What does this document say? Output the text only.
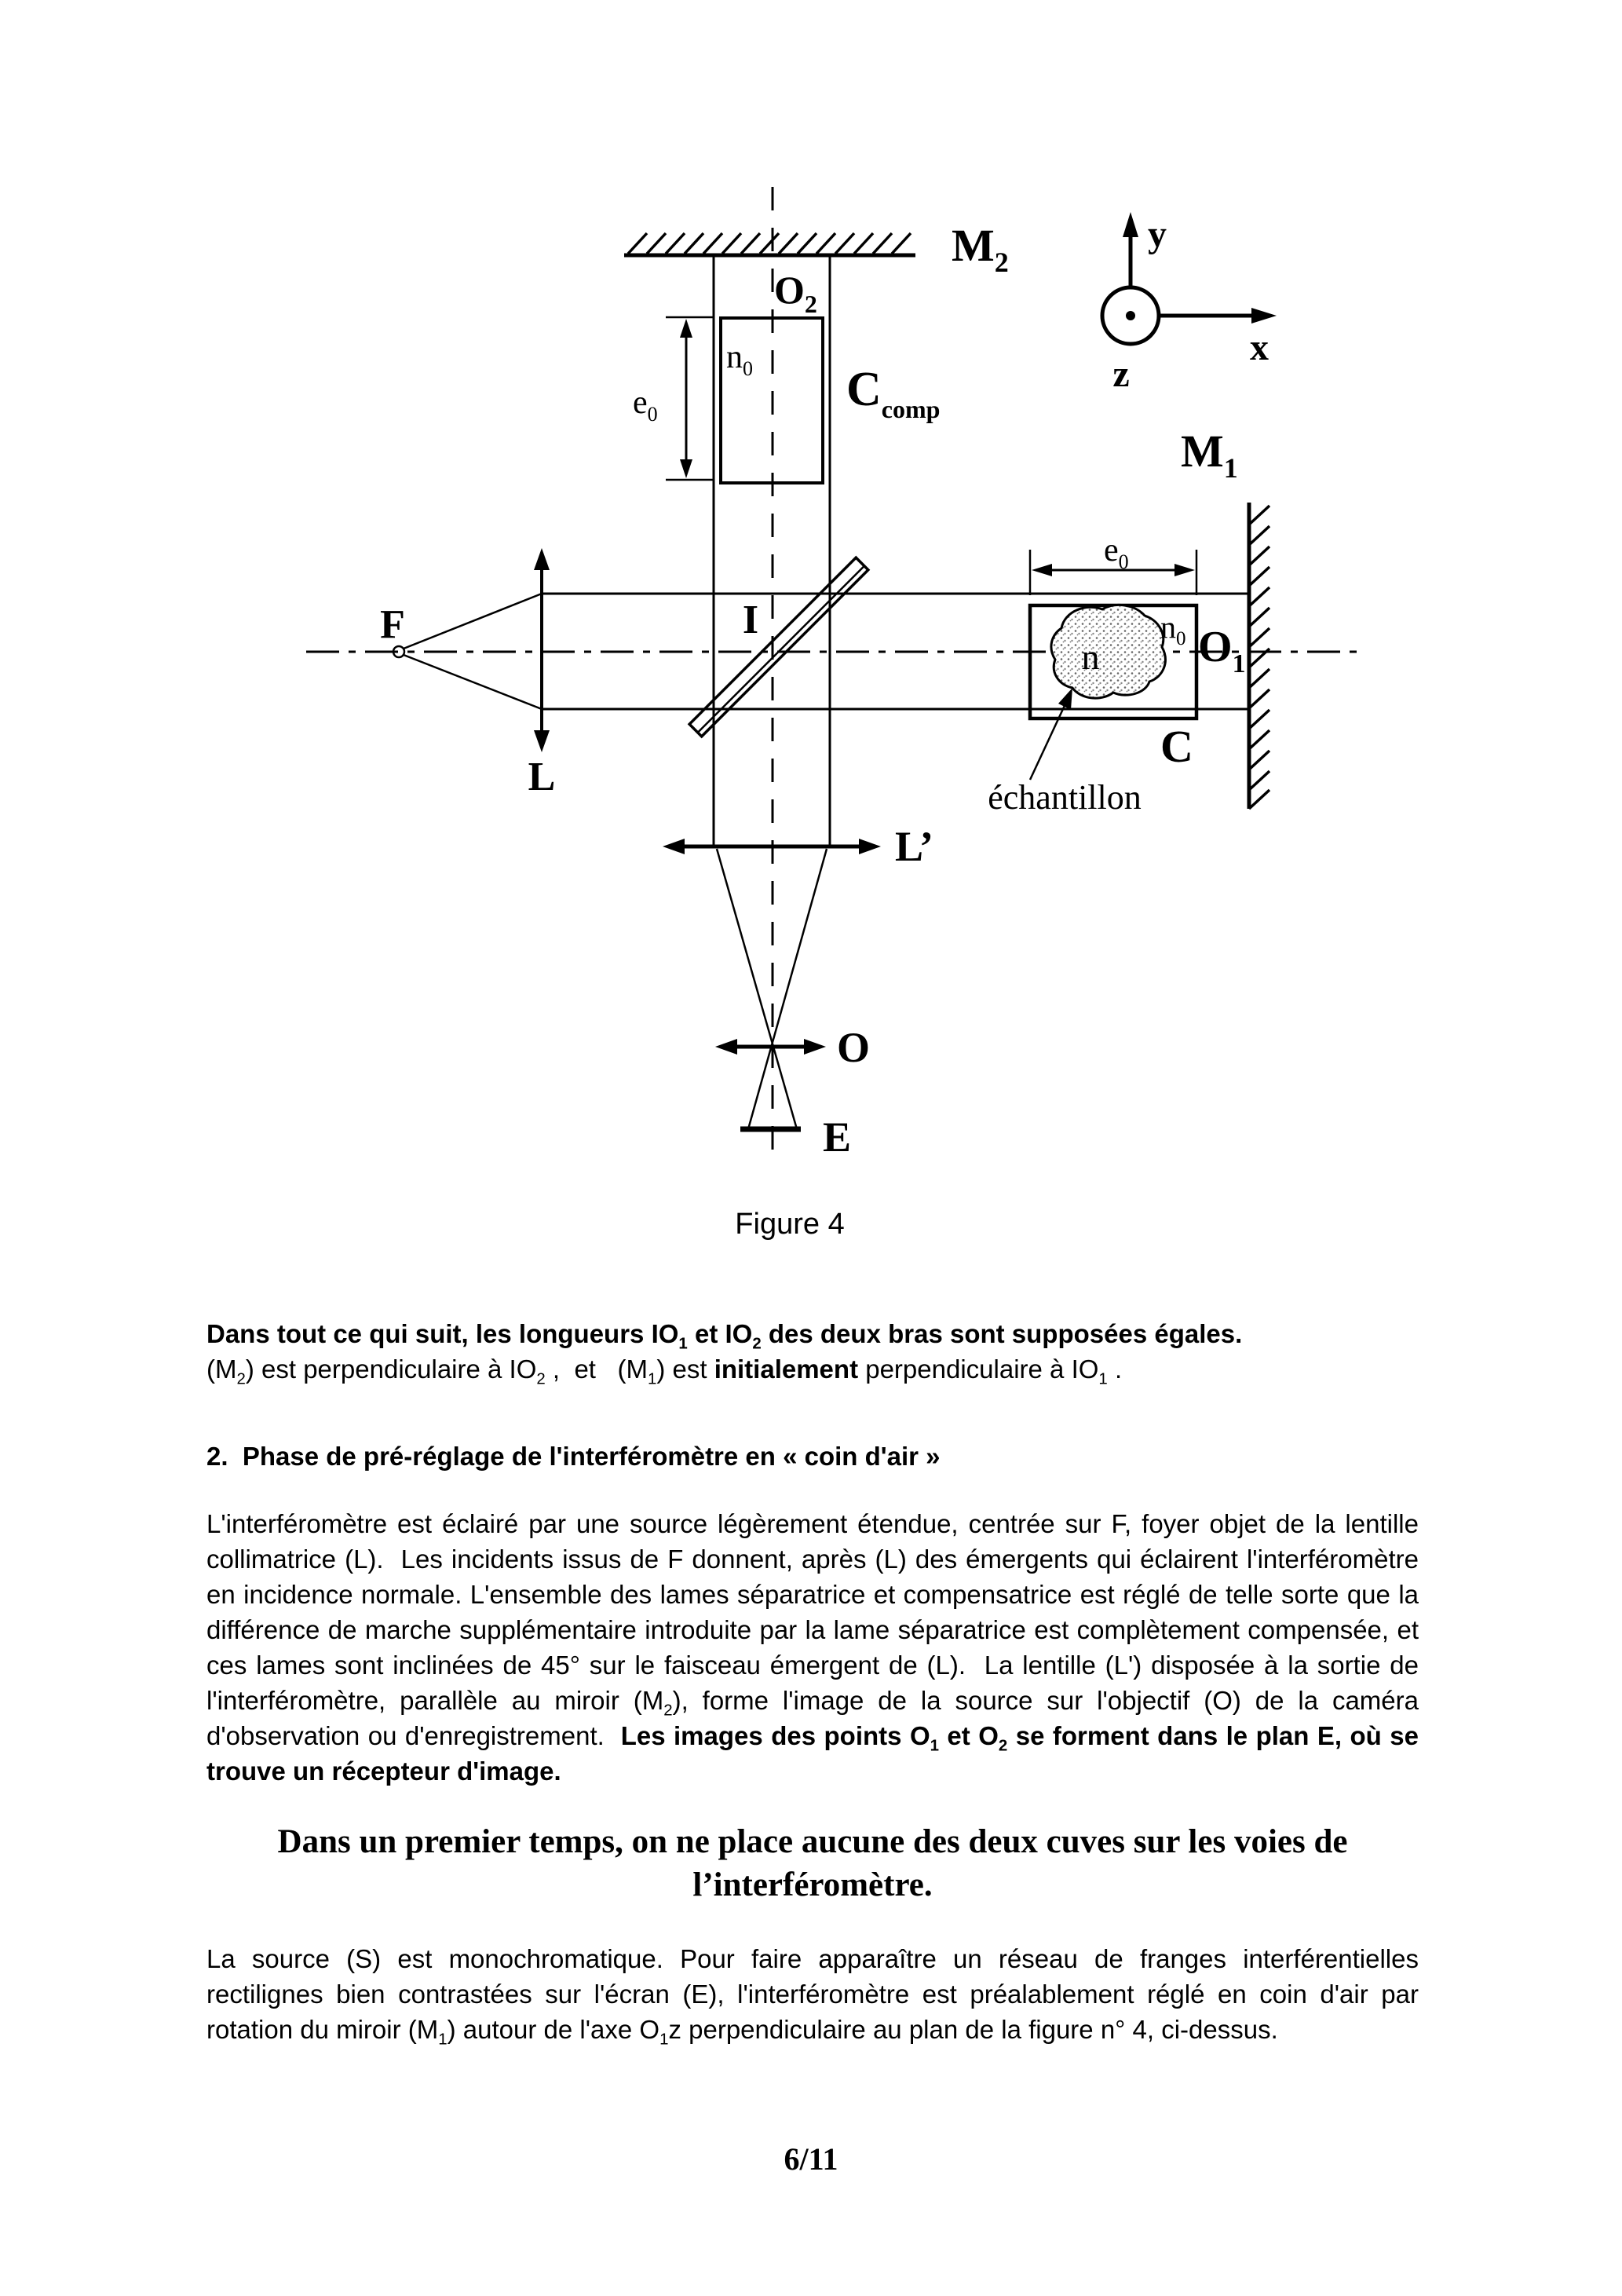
$M_2$
$O_2$
$n_0$ $C_{comp}$
$e_0$
y
x
z
$M_1$
F
L
I
n
$n_0$ $O_1$
C
$e_0$
échantillon
L’
O
E
Figure 4
Dans tout ce qui suit, les longueurs $IO_1$ et $IO_2$ des deux bras sont supposées égales.
$(M_2)$ est perpendiculaire à $IO_2$ ,  et   $(M_1)$ est initialement perpendiculaire à $IO_1$ .
2.  Phase de pré-réglage de l'interféromètre en « coin d'air »
L'interféromètre est éclairé par une source légèrement étendue, centrée sur F, foyer objet de la lentille collimatrice (L).  Les incidents issus de F donnent, après (L) des émergents qui éclairent l'interféromètre en incidence normale. L'ensemble des lames séparatrice et compensatrice est réglé de telle sorte que la différence de marche supplémentaire introduite par la lame séparatrice est complètement compensée, et ces lames sont inclinées de 45° sur le faisceau émergent de (L).  La lentille (L') disposée à la sortie de l'interféromètre, parallèle au miroir $(M_2)$, forme l'image de la source sur l'objectif (O) de la caméra d'observation ou d'enregistrement.  Les images des points $O_1$ et $O_2$ se forment dans le plan E, où se trouve un récepteur d'image.
Dans un premier temps, on ne place aucune des deux cuves sur les voies de l’interféromètre.
La source (S) est monochromatique. Pour faire apparaître un réseau de franges interférentielles rectilignes bien contrastées sur l'écran (E), l'interféromètre est préalablement réglé en coin d'air par rotation du miroir $(M_1)$ autour de l'axe $O_1z$ perpendiculaire au plan de la figure n° 4, ci-dessus.
6/11
